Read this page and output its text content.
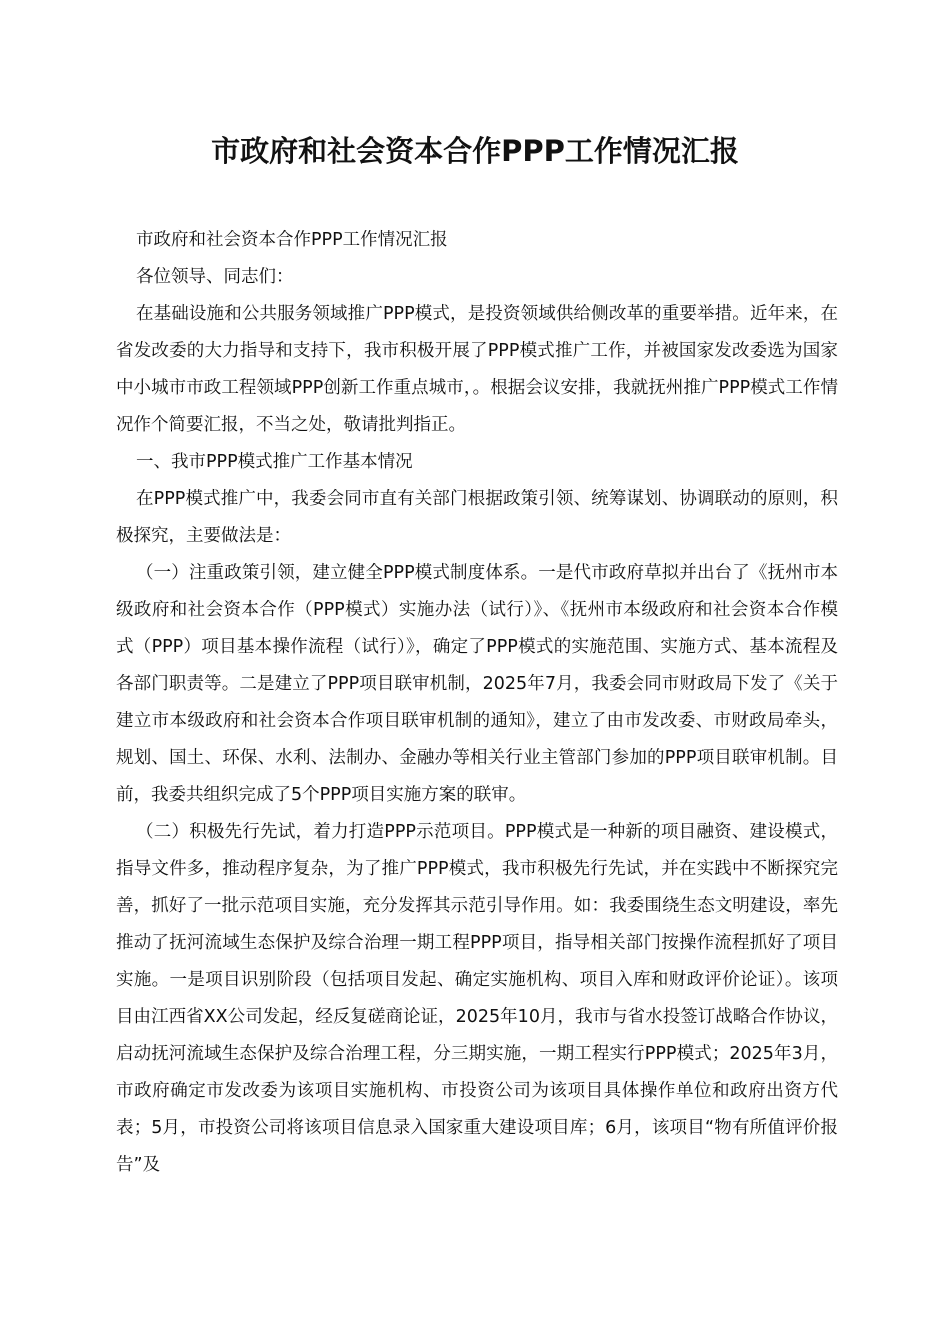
市政府和社会资本合作PPP工作情况汇报

市政府和社会资本合作PPP工作情况汇报

各位领导、同志们：

在基础设施和公共服务领域推广PPP模式，是投资领域供给侧改革的重要举措。近年来，在省发改委的大力指导和支持下，我市积极开展了PPP模式推广工作，并被国家发改委选为国家中小城市市政工程领域PPP创新工作重点城市，。根据会议安排，我就抚州推广PPP模式工作情况作个简要汇报，不当之处，敬请批判指正。

一、我市PPP模式推广工作基本情况

在PPP模式推广中，我委会同市直有关部门根据政策引领、统筹谋划、协调联动的原则，积极探究，主要做法是：

（一）注重政策引领，建立健全PPP模式制度体系。一是代市政府草拟并出台了《抚州市本级政府和社会资本合作（PPP模式）实施办法（试行）》、《抚州市本级政府和社会资本合作模式（PPP）项目基本操作流程（试行）》，确定了PPP模式的实施范围、实施方式、基本流程及各部门职责等。二是建立了PPP项目联审机制，2025年7月，我委会同市财政局下发了《关于建立市本级政府和社会资本合作项目联审机制的通知》，建立了由市发改委、市财政局牵头，规划、国土、环保、水利、法制办、金融办等相关行业主管部门参加的PPP项目联审机制。目前，我委共组织完成了5个PPP项目实施方案的联审。

（二）积极先行先试，着力打造PPP示范项目。PPP模式是一种新的项目融资、建设模式，指导文件多，推动程序复杂，为了推广PPP模式，我市积极先行先试，并在实践中不断探究完善，抓好了一批示范项目实施，充分发挥其示范引导作用。如：我委围绕生态文明建设，率先推动了抚河流域生态保护及综合治理一期工程PPP项目，指导相关部门按操作流程抓好了项目实施。一是项目识别阶段（包括项目发起、确定实施机构、项目入库和财政评价论证）。该项目由江西省XX公司发起，经反复磋商论证，2025年10月，我市与省水投签订战略合作协议，启动抚河流域生态保护及综合治理工程，分三期实施，一期工程实行PPP模式；2025年3月，市政府确定市发改委为该项目实施机构、市投资公司为该项目具体操作单位和政府出资方代表；5月，市投资公司将该项目信息录入国家重大建设项目库；6月，该项目“物有所值评价报告”及
